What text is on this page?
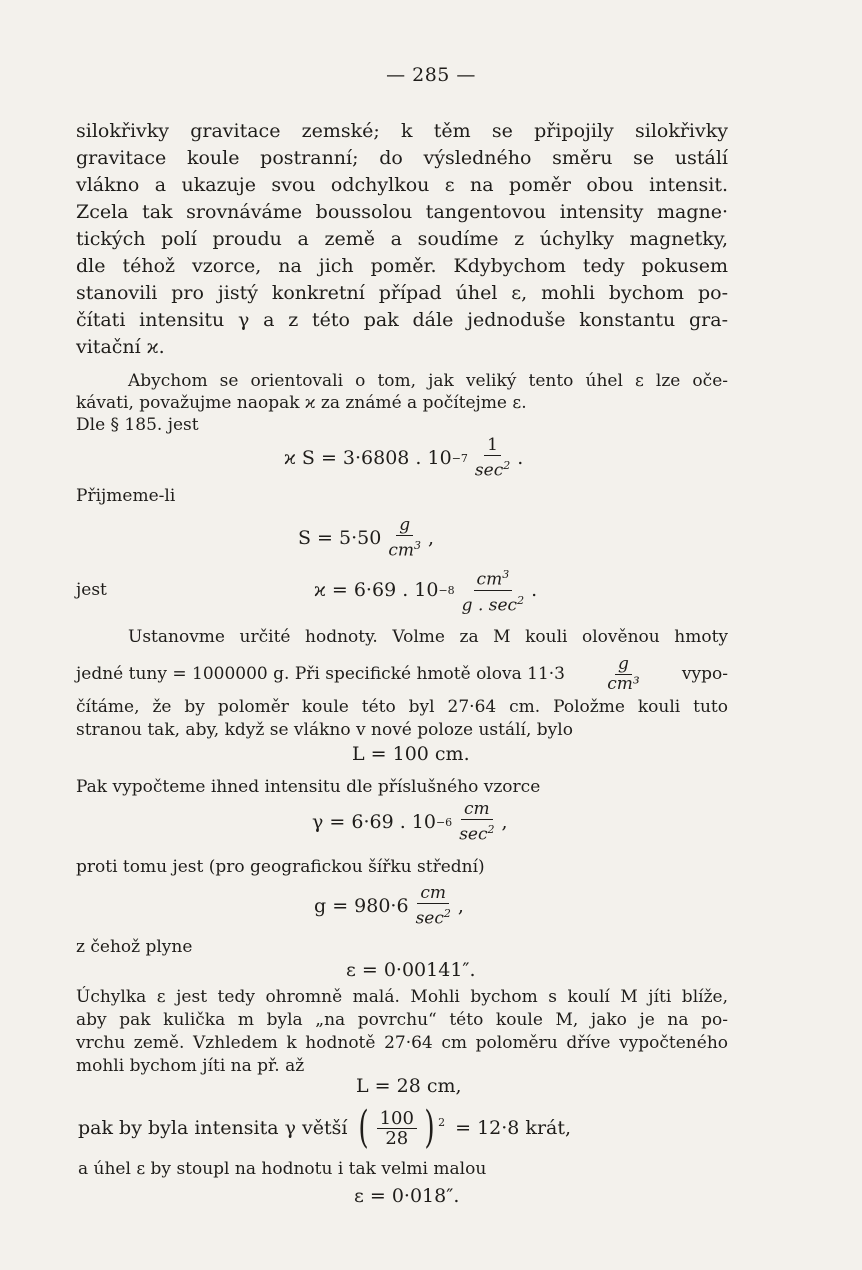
— 285 —
silokřivky gravitace zemské; k těm se připojily silokřivky
gravitace koule postranní; do výsledného směru se ustálí
vlákno a ukazuje svou odchylkou ε na poměr obou intensit.
Zcela tak srovnáváme boussolou tangentovou intensity magne·
tických polí proudu a země a soudíme z úchylky magnetky,
dle téhož vzorce, na jich poměr. Kdybychom tedy pokusem
stanovili pro jistý konkretní případ úhel ε, mohli bychom po-
čítati intensitu γ a z této pak dále jednoduše konstantu gra-
vitační ϰ.
Abychom se orientovali o tom, jak veliký tento úhel ε lze oče-
kávati, považujme naopak ϰ za známé a počítejme ε.
Dle § 185. jest
ϰ S = 3·6808 . $10 -7 \frac{1}{\sec^2}$ .
Přijmeme-li
$S = 5\cdot 50 \frac{g}{cm^3}$ ,
jest	ϰ = 6·69 . $10 -8 \frac{cm^3}{g . \sec^2}$ .
Ustanovme určité hodnoty. Volme za M kouli olověnou hmoty
jedné tuny = 1000000 g. Při specifické hmotě olova $11\cdot 3 \frac{g}{\text{cm³}}$ vypo-
čítáme, že by poloměr koule této byl 27·64 cm. Položme kouli tuto
stranou tak, aby, když se vlákno v nové poloze ustálí, bylo
L = 100 cm.
Pak vypočteme ihned intensitu dle příslušného vzorce
γ = 6·69 . $10 -6 \frac{cm}{\sec^2}$ ,
proti tomu jest (pro geografickou šířku střední)
$g = 980\cdot 6 \frac{cm}{\sec^2}$ ,
z čehož plyne
ε = 0·00141″.
Úchylka ε jest tedy ohromně malá. Mohli bychom s koulí M jíti blíže,
aby pak kulička m byla „na povrchu“ této koule M, jako je na po-
vrchu země. Vzhledem k hodnotě 27·64 cm poloměru dříve vypočteného
mohli bychom jíti na př. až
L = 28 cm,
pak by byla intensita γ větší ( $\frac{100}{28}$ ) $^2$ = 12·8 krát,
a úhel ε by stoupl na hodnotu i tak velmi malou
ε = 0·018″.
